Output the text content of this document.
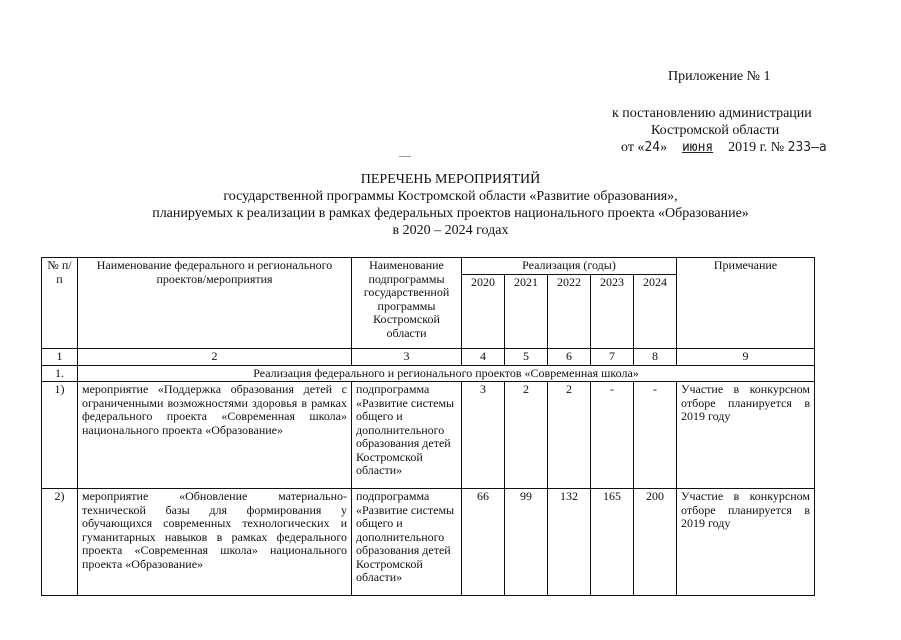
Приложение № 1
к постановлению администрации
Костромской области
от «24» июня 2019 г. № 233–а
ПЕРЕЧЕНЬ МЕРОПРИЯТИЙ
государственной программы Костромской области «Развитие образования»,
планируемых к реализации в рамках федеральных проектов национального проекта «Образование»
в 2020 – 2024 годах
№ п/п	Наименование федерального и регионального проектов/мероприятия	Наименование подпрограммы государственной программы Костромской области	Реализация (годы)					Примечание
			2020	2021	2022	2023	2024	
1	2	3	4	5	6	7	8	9
1.	Реализация федерального и регионального проектов «Современная школа»							
1)	мероприятие «Поддержка образования детей с ограниченными возможностями здоровья в рамках федерального проекта «Современная школа» национального проекта «Образование»	подпрограмма «Развитие системы общего и дополнительного образования детей Костромской области»	3	2	2	-	-	Участие в конкурсном отборе планируется в 2019 году
2)	мероприятие «Обновление материально-технической базы для формирования у обучающихся современных технологических и гуманитарных навыков в рамках федерального проекта «Современная школа» национального проекта «Образование»	подпрограмма «Развитие системы общего и дополнительного образования детей Костромской области»	66	99	132	165	200	Участие в конкурсном отборе планируется в 2019 году
